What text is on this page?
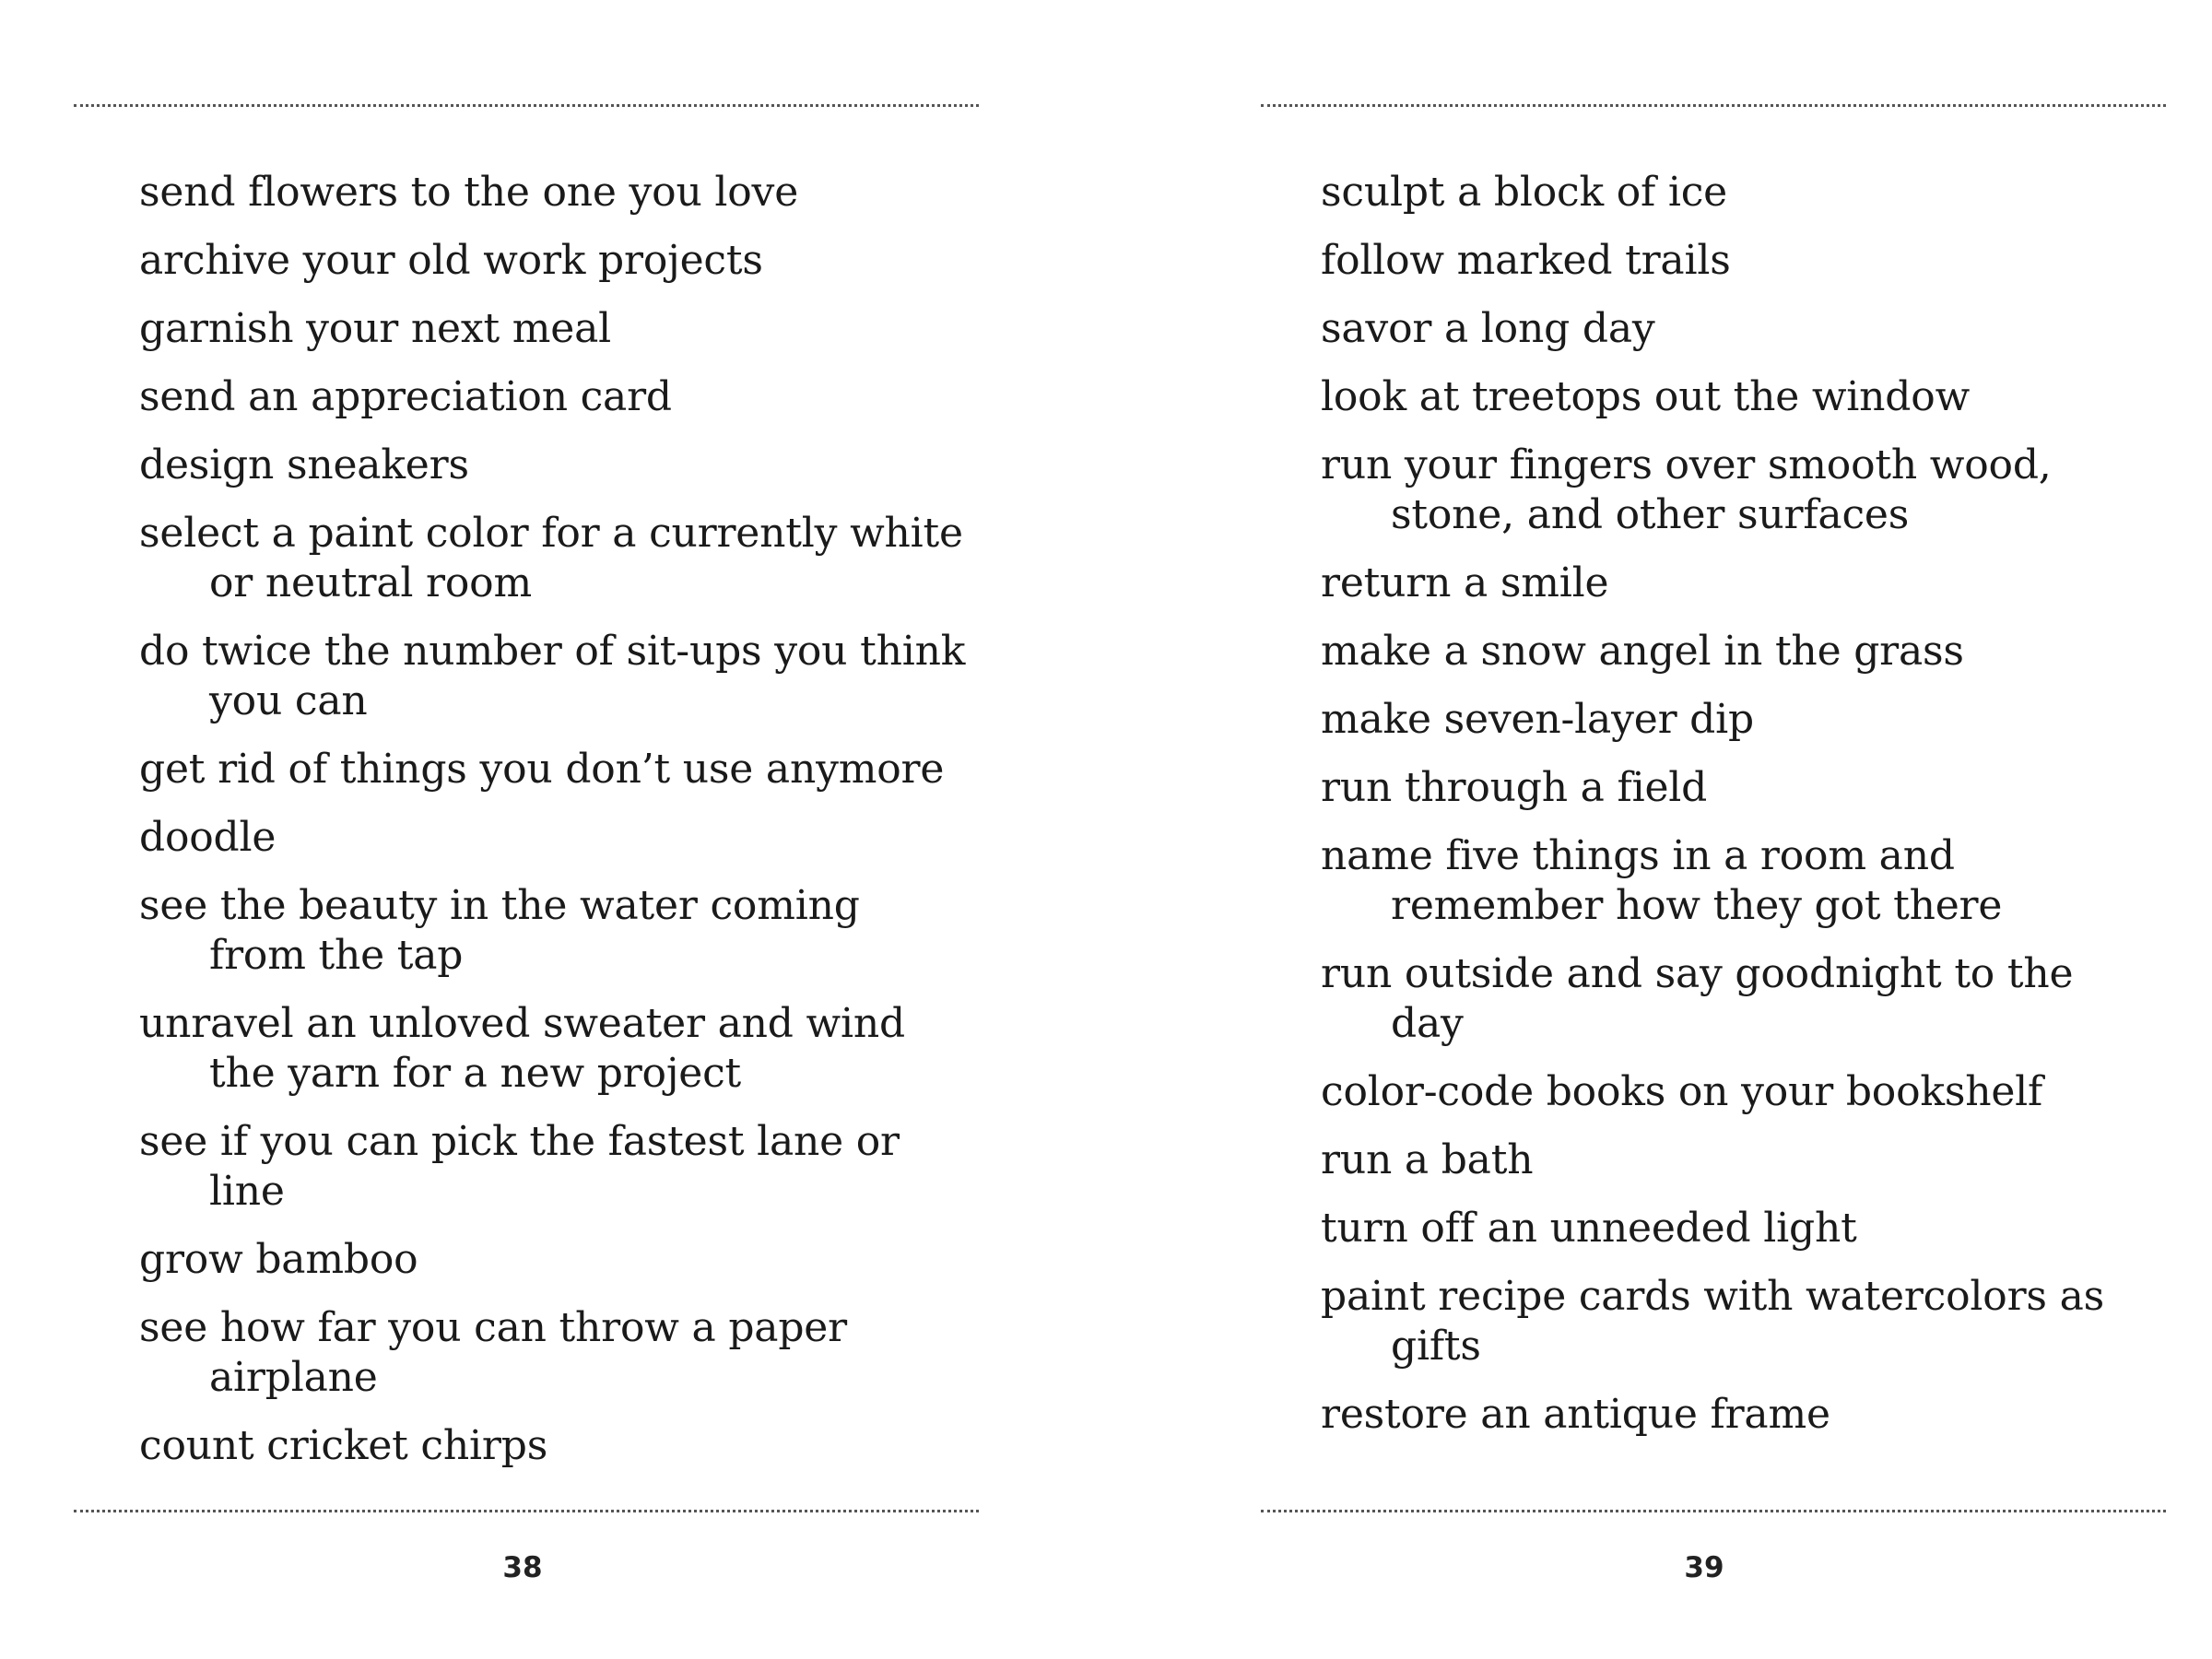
send flowers to the one you love
archive your old work projects
garnish your next meal
send an appreciation card
design sneakers
select a paint color for a currently white or neutral room
do twice the number of sit-ups you think you can
get rid of things you don’t use anymore
doodle
see the beauty in the water coming from the tap
unravel an unloved sweater and wind the yarn for a new project
see if you can pick the fastest lane or line
grow bamboo
see how far you can throw a paper airplane
count cricket chirps
38
sculpt a block of ice
follow marked trails
savor a long day
look at treetops out the window
run your fingers over smooth wood, stone, and other surfaces
return a smile
make a snow angel in the grass
make seven-layer dip
run through a field
name five things in a room and remember how they got there
run outside and say goodnight to the day
color-code books on your bookshelf
run a bath
turn off an unneeded light
paint recipe cards with watercolors as gifts
restore an antique frame
39
